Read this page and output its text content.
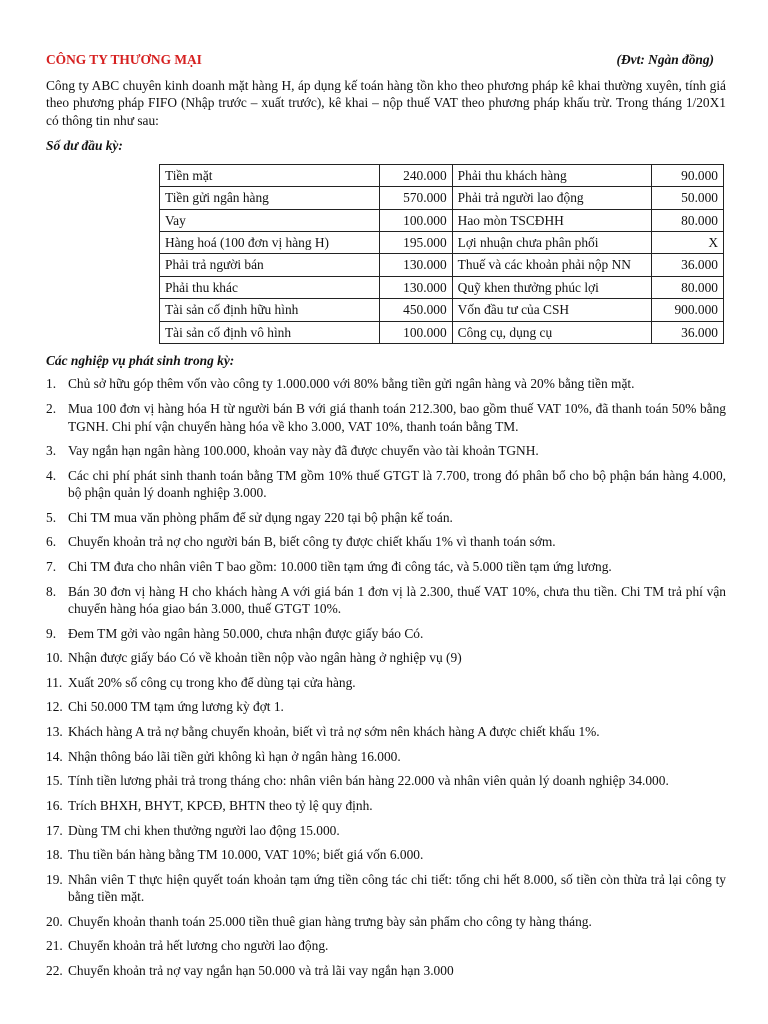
CÔNG TY THƯƠNG MẠI	(Đvt: Ngàn đồng)
Công ty ABC chuyên kinh doanh mặt hàng H, áp dụng kế toán hàng tồn kho theo phương pháp kê khai thường xuyên, tính giá theo phương pháp FIFO (Nhập trước – xuất trước), kê khai – nộp thuế VAT theo phương pháp khấu trừ. Trong tháng 1/20X1 có thông tin như sau:
Số dư đầu kỳ:
Tiền mặt	240.000	Phải thu khách hàng	90.000
Tiền gửi ngân hàng	570.000	Phải trả người lao động	50.000
Vay	100.000	Hao mòn TSCĐHH	80.000
Hàng hoá (100 đơn vị hàng H)	195.000	Lợi nhuận chưa phân phối	X
Phải trả người bán	130.000	Thuế và các khoản phải nộp NN	36.000
Phải thu khác	130.000	Quỹ khen thưởng phúc lợi	80.000
Tài sản cố định hữu hình	450.000	Vốn đầu tư của CSH	900.000
Tài sản cố định vô hình	100.000	Công cụ, dụng cụ	36.000
Các nghiệp vụ phát sinh trong kỳ:
1. Chủ sở hữu góp thêm vốn vào công ty 1.000.000 với 80% bằng tiền gửi ngân hàng và 20% bằng tiền mặt.
2. Mua 100 đơn vị hàng hóa H từ người bán B với giá thanh toán 212.300, bao gồm thuế VAT 10%, đã thanh toán 50% bằng TGNH. Chi phí vận chuyển hàng hóa về kho 3.000, VAT 10%, thanh toán bằng TM.
3. Vay ngắn hạn ngân hàng 100.000, khoản vay này đã được chuyển vào tài khoản TGNH.
4. Các chi phí phát sinh thanh toán bằng TM gồm 10% thuế GTGT là 7.700, trong đó phân bổ cho bộ phận bán hàng 4.000, bộ phận quản lý doanh nghiệp 3.000.
5. Chi TM mua văn phòng phẩm để sử dụng ngay 220 tại bộ phận kế toán.
6. Chuyển khoản trả nợ cho người bán B, biết công ty được chiết khấu 1% vì thanh toán sớm.
7. Chi TM đưa cho nhân viên T bao gồm: 10.000 tiền tạm ứng đi công tác, và 5.000 tiền tạm ứng lương.
8. Bán 30 đơn vị hàng H cho khách hàng A với giá bán 1 đơn vị là 2.300, thuế VAT 10%, chưa thu tiền. Chi TM trả phí vận chuyển hàng hóa giao bán 3.000, thuế GTGT 10%.
9. Đem TM gởi vào ngân hàng 50.000, chưa nhận được giấy báo Có.
10. Nhận được giấy báo Có về khoản tiền nộp vào ngân hàng ở nghiệp vụ (9)
11. Xuất 20% số công cụ trong kho để dùng tại cửa hàng.
12. Chi 50.000 TM tạm ứng lương kỳ đợt 1.
13. Khách hàng A trả nợ bằng chuyển khoản, biết vì trả nợ sớm nên khách hàng A được chiết khấu 1%.
14. Nhận thông báo lãi tiền gửi không kì hạn ở ngân hàng 16.000.
15. Tính tiền lương phải trả trong tháng cho: nhân viên bán hàng 22.000 và nhân viên quản lý doanh nghiệp 34.000.
16. Trích BHXH, BHYT, KPCĐ, BHTN theo tỷ lệ quy định.
17. Dùng TM chi khen thưởng người lao động 15.000.
18. Thu tiền bán hàng bằng TM 10.000, VAT 10%; biết giá vốn 6.000.
19. Nhân viên T thực hiện quyết toán khoản tạm ứng tiền công tác chi tiết: tổng chi hết 8.000, số tiền còn thừa trả lại công ty bằng tiền mặt.
20. Chuyển khoản thanh toán 25.000 tiền thuê gian hàng trưng bày sản phẩm cho công ty hàng tháng.
21. Chuyển khoản trả hết lương cho người lao động.
22. Chuyển khoản trả nợ vay ngắn hạn 50.000 và trả lãi vay ngắn hạn 3.000
